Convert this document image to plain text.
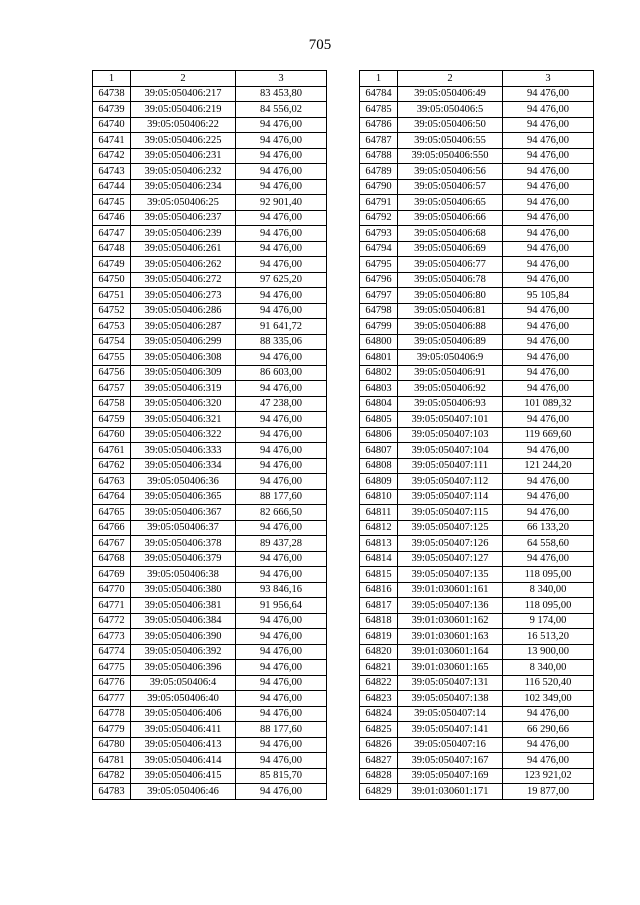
705
1	2	3
64738	39:05:050406:217	83 453,80
64739	39:05:050406:219	84 556,02
64740	39:05:050406:22	94 476,00
64741	39:05:050406:225	94 476,00
64742	39:05:050406:231	94 476,00
64743	39:05:050406:232	94 476,00
64744	39:05:050406:234	94 476,00
64745	39:05:050406:25	92 901,40
64746	39:05:050406:237	94 476,00
64747	39:05:050406:239	94 476,00
64748	39:05:050406:261	94 476,00
64749	39:05:050406:262	94 476,00
64750	39:05:050406:272	97 625,20
64751	39:05:050406:273	94 476,00
64752	39:05:050406:286	94 476,00
64753	39:05:050406:287	91 641,72
64754	39:05:050406:299	88 335,06
64755	39:05:050406:308	94 476,00
64756	39:05:050406:309	86 603,00
64757	39:05:050406:319	94 476,00
64758	39:05:050406:320	47 238,00
64759	39:05:050406:321	94 476,00
64760	39:05:050406:322	94 476,00
64761	39:05:050406:333	94 476,00
64762	39:05:050406:334	94 476,00
64763	39:05:050406:36	94 476,00
64764	39:05:050406:365	88 177,60
64765	39:05:050406:367	82 666,50
64766	39:05:050406:37	94 476,00
64767	39:05:050406:378	89 437,28
64768	39:05:050406:379	94 476,00
64769	39:05:050406:38	94 476,00
64770	39:05:050406:380	93 846,16
64771	39:05:050406:381	91 956,64
64772	39:05:050406:384	94 476,00
64773	39:05:050406:390	94 476,00
64774	39:05:050406:392	94 476,00
64775	39:05:050406:396	94 476,00
64776	39:05:050406:4	94 476,00
64777	39:05:050406:40	94 476,00
64778	39:05:050406:406	94 476,00
64779	39:05:050406:411	88 177,60
64780	39:05:050406:413	94 476,00
64781	39:05:050406:414	94 476,00
64782	39:05:050406:415	85 815,70
64783	39:05:050406:46	94 476,00
1	2	3
64784	39:05:050406:49	94 476,00
64785	39:05:050406:5	94 476,00
64786	39:05:050406:50	94 476,00
64787	39:05:050406:55	94 476,00
64788	39:05:050406:550	94 476,00
64789	39:05:050406:56	94 476,00
64790	39:05:050406:57	94 476,00
64791	39:05:050406:65	94 476,00
64792	39:05:050406:66	94 476,00
64793	39:05:050406:68	94 476,00
64794	39:05:050406:69	94 476,00
64795	39:05:050406:77	94 476,00
64796	39:05:050406:78	94 476,00
64797	39:05:050406:80	95 105,84
64798	39:05:050406:81	94 476,00
64799	39:05:050406:88	94 476,00
64800	39:05:050406:89	94 476,00
64801	39:05:050406:9	94 476,00
64802	39:05:050406:91	94 476,00
64803	39:05:050406:92	94 476,00
64804	39:05:050406:93	101 089,32
64805	39:05:050407:101	94 476,00
64806	39:05:050407:103	119 669,60
64807	39:05:050407:104	94 476,00
64808	39:05:050407:111	121 244,20
64809	39:05:050407:112	94 476,00
64810	39:05:050407:114	94 476,00
64811	39:05:050407:115	94 476,00
64812	39:05:050407:125	66 133,20
64813	39:05:050407:126	64 558,60
64814	39:05:050407:127	94 476,00
64815	39:05:050407:135	118 095,00
64816	39:01:030601:161	8 340,00
64817	39:05:050407:136	118 095,00
64818	39:01:030601:162	9 174,00
64819	39:01:030601:163	16 513,20
64820	39:01:030601:164	13 900,00
64821	39:01:030601:165	8 340,00
64822	39:05:050407:131	116 520,40
64823	39:05:050407:138	102 349,00
64824	39:05:050407:14	94 476,00
64825	39:05:050407:141	66 290,66
64826	39:05:050407:16	94 476,00
64827	39:05:050407:167	94 476,00
64828	39:05:050407:169	123 921,02
64829	39:01:030601:171	19 877,00
